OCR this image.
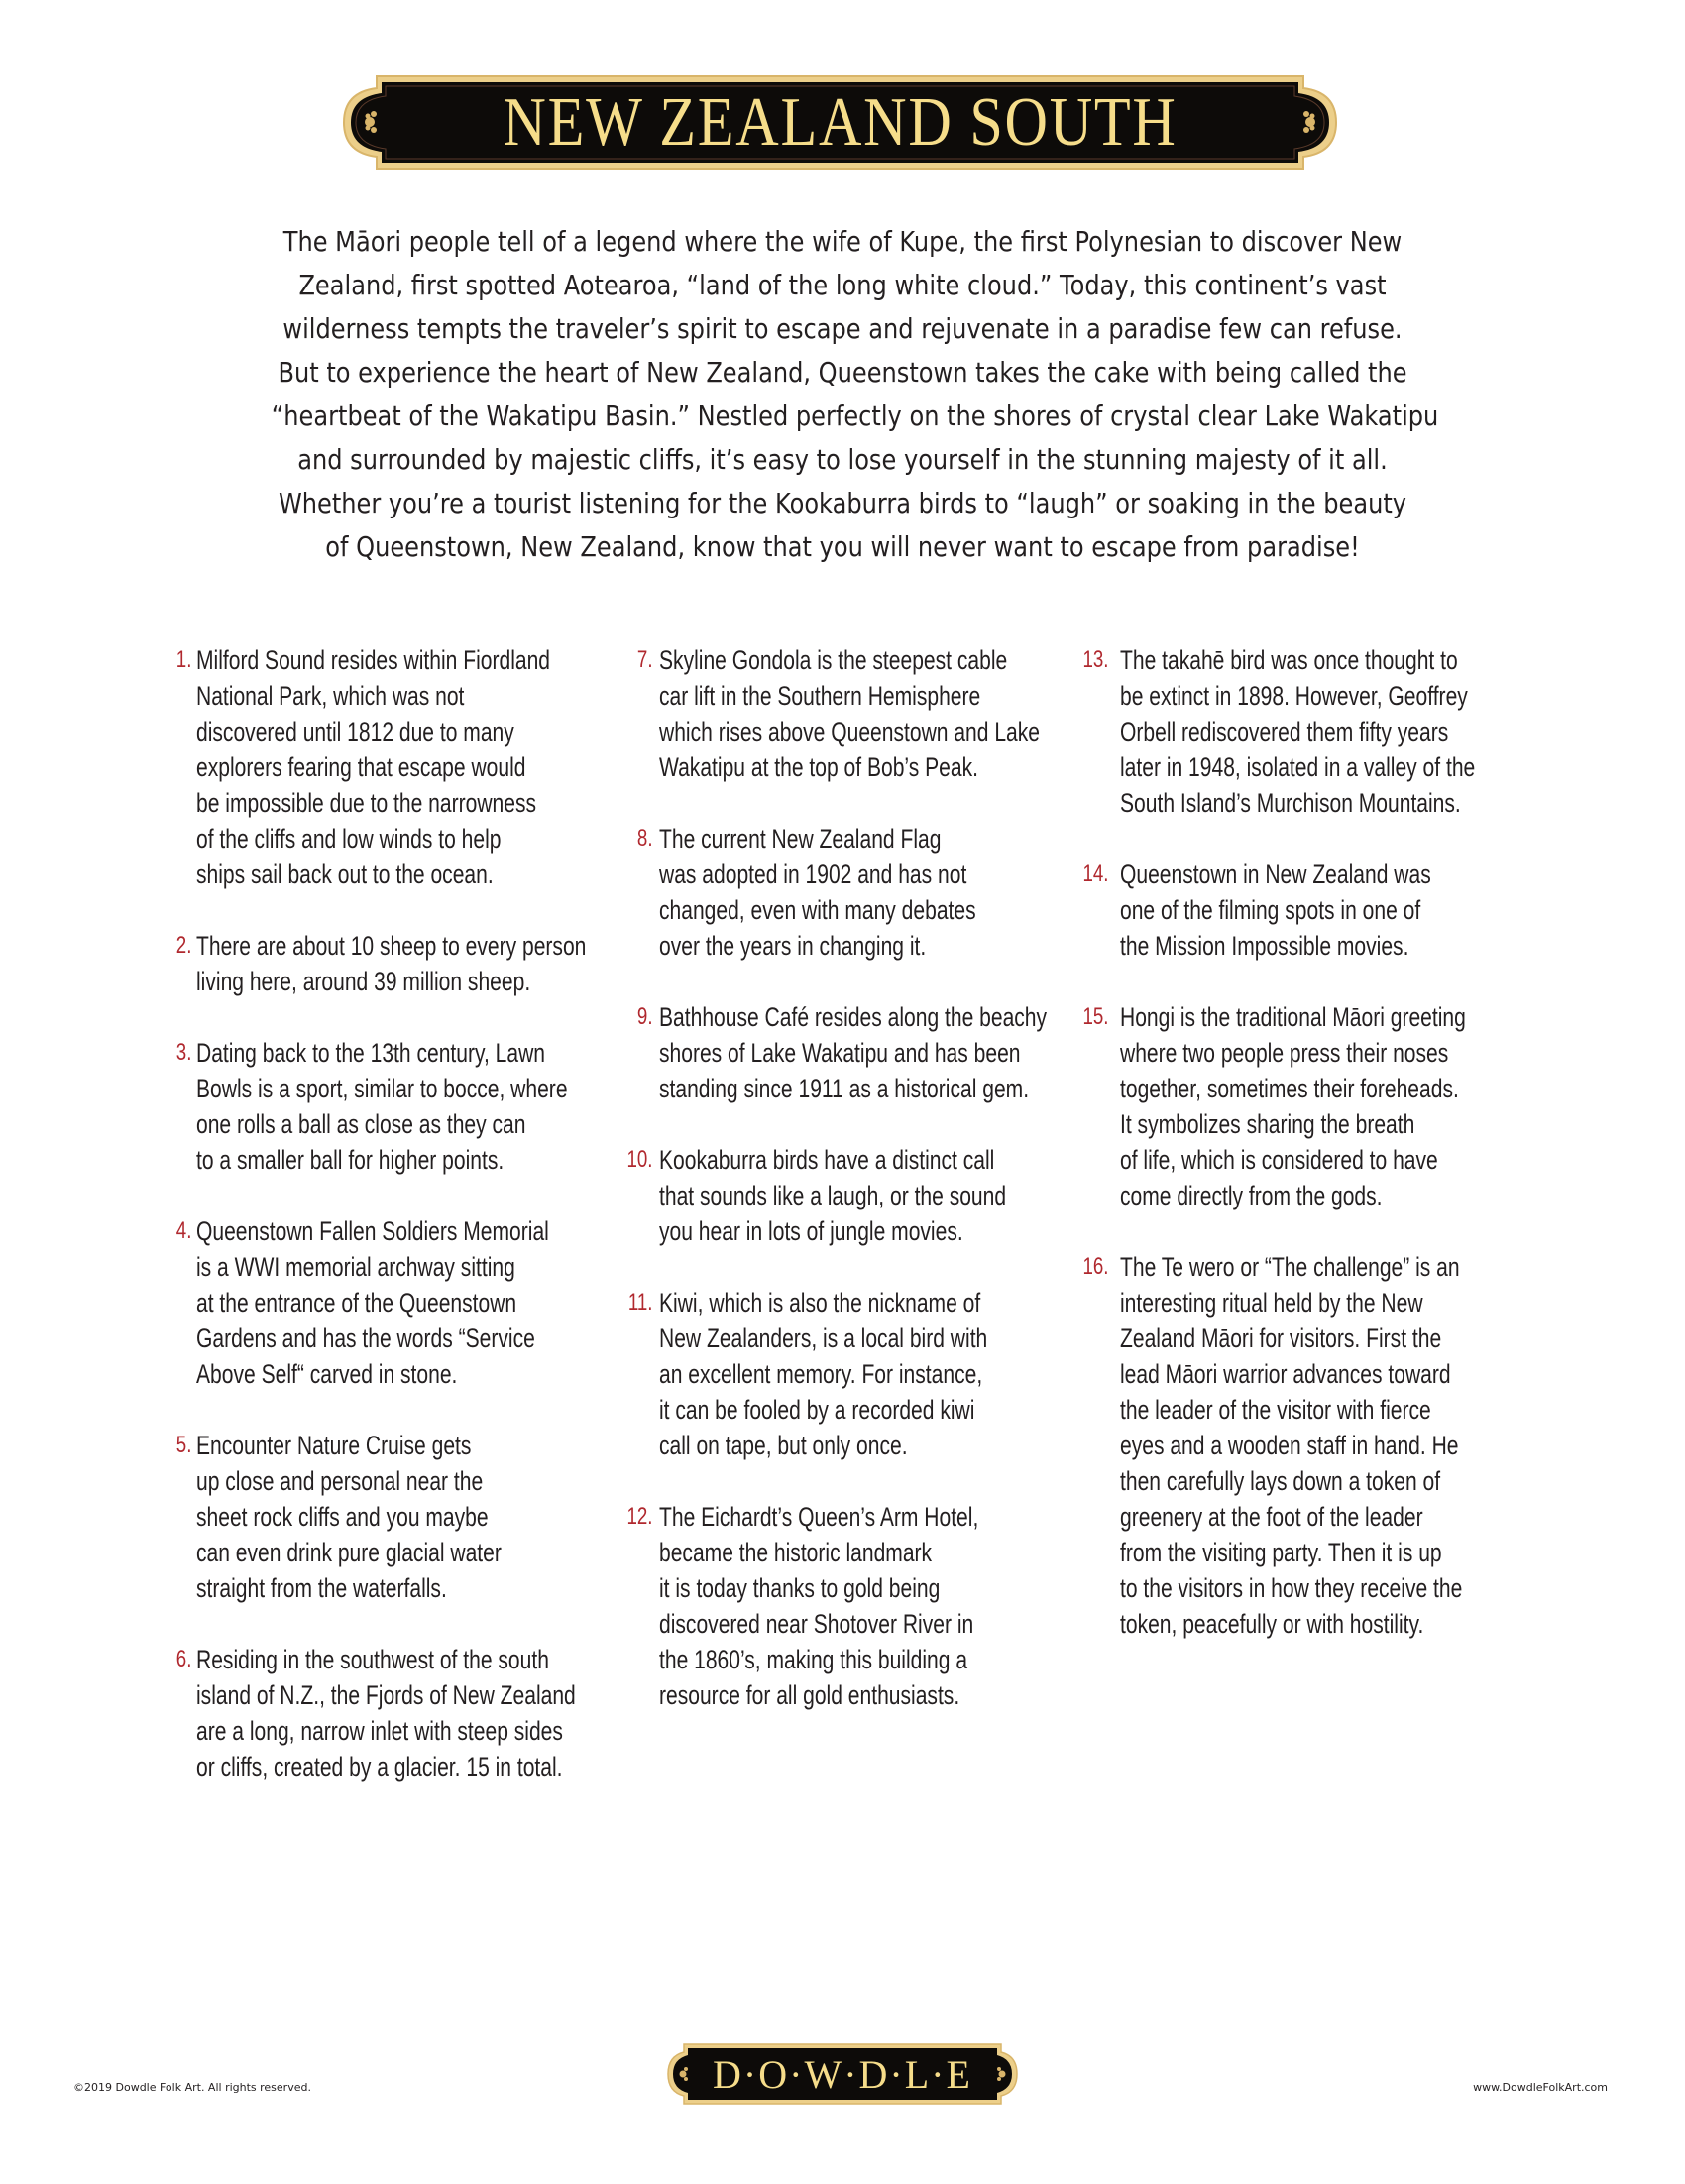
NEW ZEALAND SOUTH
The Māori people tell of a legend where the wife of Kupe, the first Polynesian to discover New
Zealand, first spotted Aotearoa, “land of the long white cloud.” Today, this continent’s vast
wilderness tempts the traveler’s spirit to escape and rejuvenate in a paradise few can refuse.
But to experience the heart of New Zealand, Queenstown takes the cake with being called the
“heartbeat of the Wakatipu Basin.” Nestled perfectly on the shores of crystal clear Lake Wakatipu
and surrounded by majestic cliffs, it’s easy to lose yourself in the stunning majesty of it all.
Whether you’re a tourist listening for the Kookaburra birds to “laugh” or soaking in the beauty
of Queenstown, New Zealand, know that you will never want to escape from paradise!
1. Milford Sound resides within Fiordland
National Park, which was not
discovered until 1812 due to many
explorers fearing that escape would
be impossible due to the narrowness
of the cliffs and low winds to help
ships sail back out to the ocean.
2. There are about 10 sheep to every person
living here, around 39 million sheep.
3. Dating back to the 13th century, Lawn
Bowls is a sport, similar to bocce, where
one rolls a ball as close as they can
to a smaller ball for higher points.
4. Queenstown Fallen Soldiers Memorial
is a WWI memorial archway sitting
at the entrance of the Queenstown
Gardens and has the words “Service
Above Self“ carved in stone.
5. Encounter Nature Cruise gets
up close and personal near the
sheet rock cliffs and you maybe
can even drink pure glacial water
straight from the waterfalls.
6. Residing in the southwest of the south
island of N.Z., the Fjords of New Zealand
are a long, narrow inlet with steep sides
or cliffs, created by a glacier. 15 in total.
7. Skyline Gondola is the steepest cable
car lift in the Southern Hemisphere
which rises above Queenstown and Lake
Wakatipu at the top of Bob’s Peak.
8. The current New Zealand Flag
was adopted in 1902 and has not
changed, even with many debates
over the years in changing it.
9. Bathhouse Café resides along the beachy
shores of Lake Wakatipu and has been
standing since 1911 as a historical gem.
10. Kookaburra birds have a distinct call
that sounds like a laugh, or the sound
you hear in lots of jungle movies.
11. Kiwi, which is also the nickname of
New Zealanders, is a local bird with
an excellent memory. For instance,
it can be fooled by a recorded kiwi
call on tape, but only once.
12. The Eichardt’s Queen’s Arm Hotel,
became the historic landmark
it is today thanks to gold being
discovered near Shotover River in
the 1860’s, making this building a
resource for all gold enthusiasts.
13. The takahē bird was once thought to
be extinct in 1898. However, Geoffrey
Orbell rediscovered them fifty years
later in 1948, isolated in a valley of the
South Island’s Murchison Mountains.
14. Queenstown in New Zealand was
one of the filming spots in one of
the Mission Impossible movies.
15. Hongi is the traditional Māori greeting
where two people press their noses
together, sometimes their foreheads.
It symbolizes sharing the breath
of life, which is considered to have
come directly from the gods.
16. The Te wero or “The challenge” is an
interesting ritual held by the New
Zealand Māori for visitors. First the
lead Māori warrior advances toward
the leader of the visitor with fierce
eyes and a wooden staff in hand. He
then carefully lays down a token of
greenery at the foot of the leader
from the visiting party. Then it is up
to the visitors in how they receive the
token, peacefully or with hostility.
D·O·W·D·L·E
©2019 Dowdle Folk Art. All rights reserved.	www.DowdleFolkArt.com
